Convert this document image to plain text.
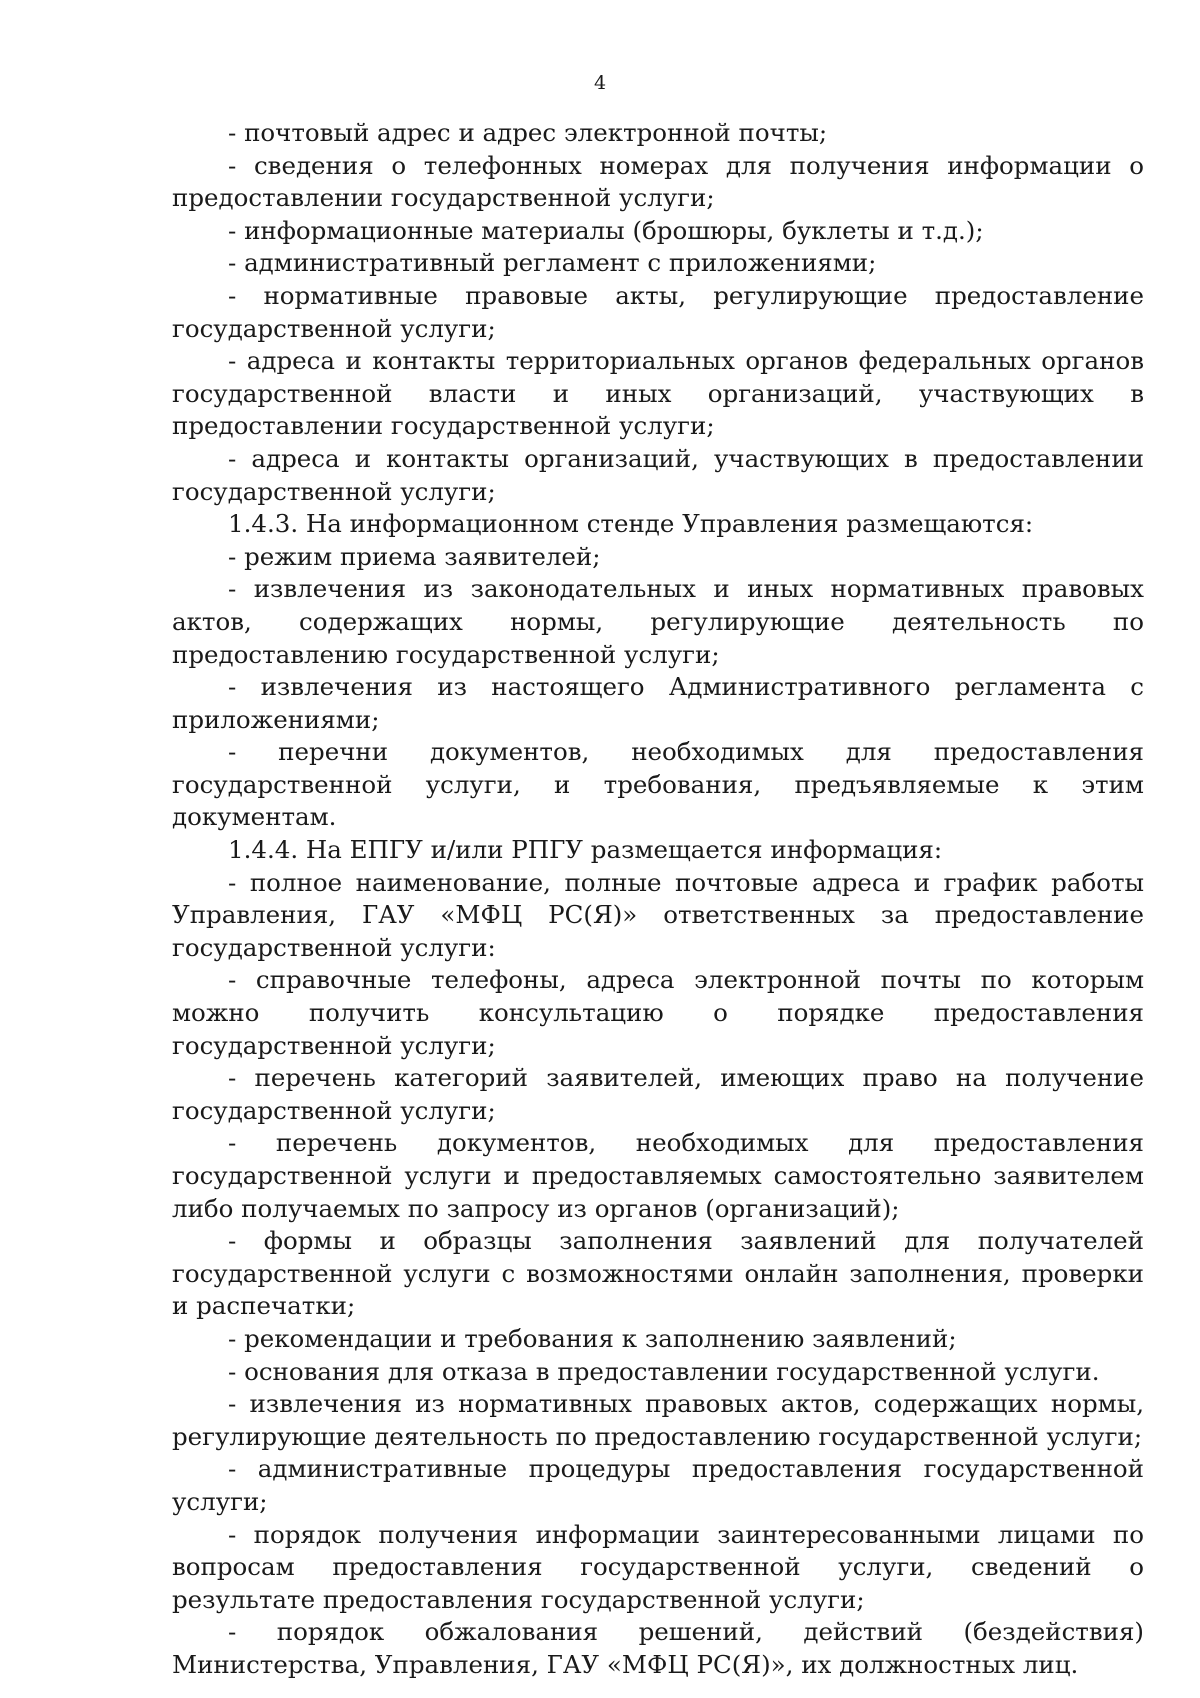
4

- почтовый адрес и адрес электронной почты;

- сведения о телефонных номерах для получения информации о предоставлении государственной услуги;

- информационные материалы (брошюры, буклеты и т.д.);

- административный регламент с приложениями;

- нормативные правовые акты, регулирующие предоставление государственной услуги;

- адреса и контакты территориальных органов федеральных органов государственной власти и иных организаций, участвующих в предоставлении государственной услуги;

- адреса и контакты организаций, участвующих в предоставлении государственной услуги;

1.4.3. На информационном стенде Управления размещаются:

- режим приема заявителей;

- извлечения из законодательных и иных нормативных правовых актов, содержащих нормы, регулирующие деятельность по предоставлению государственной услуги;

- извлечения из настоящего Административного регламента с приложениями;

- перечни документов, необходимых для предоставления государственной услуги, и требования, предъявляемые к этим документам.

1.4.4. На ЕПГУ и/или РПГУ размещается информация:

- полное наименование, полные почтовые адреса и график работы Управления, ГАУ «МФЦ РС(Я)» ответственных за предоставление государственной услуги:

- справочные телефоны, адреса электронной почты по которым можно получить консультацию о порядке предоставления государственной услуги;

- перечень категорий заявителей, имеющих право на получение государственной услуги;

- перечень документов, необходимых для предоставления государственной услуги и предоставляемых самостоятельно заявителем либо получаемых по запросу из органов (организаций);

- формы и образцы заполнения заявлений для получателей государственной услуги с возможностями онлайн заполнения, проверки и распечатки;

- рекомендации и требования к заполнению заявлений;

- основания для отказа в предоставлении государственной услуги.

- извлечения из нормативных правовых актов, содержащих нормы, регулирующие деятельность по предоставлению государственной услуги;

- административные процедуры предоставления государственной услуги;

- порядок получения информации заинтересованными лицами по вопросам предоставления государственной услуги, сведений о результате предоставления государственной услуги;

- порядок обжалования решений, действий (бездействия) Министерства, Управления, ГАУ «МФЦ РС(Я)», их должностных лиц.
